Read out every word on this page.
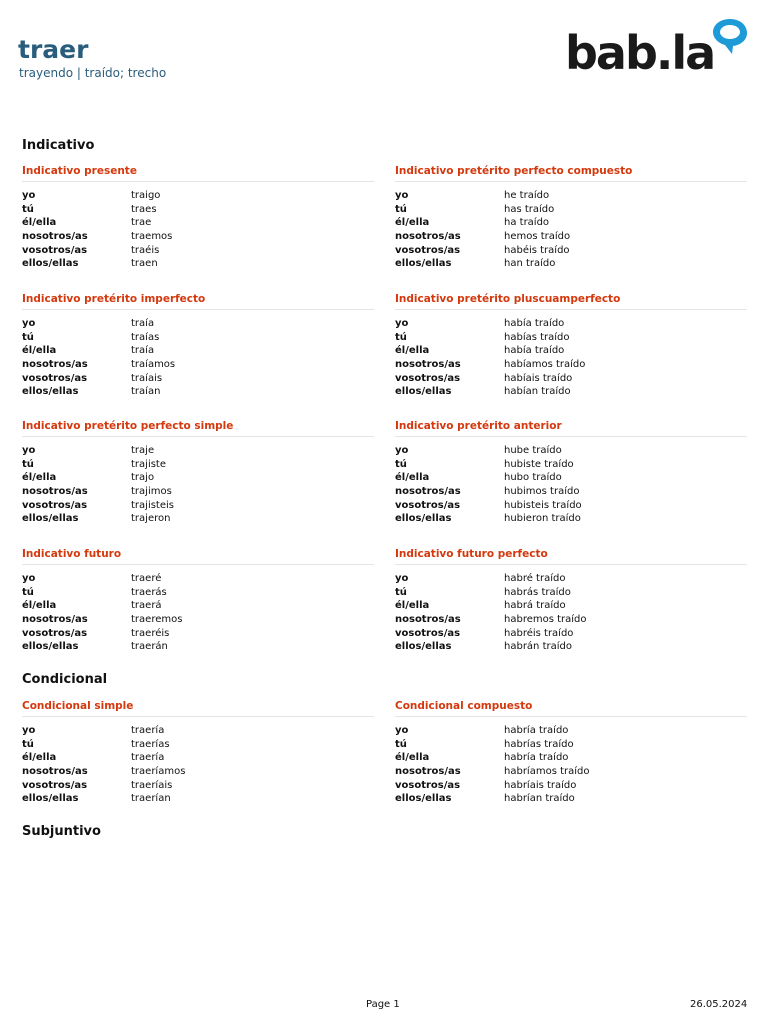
traer
trayendo | traído; trecho	bab.la
Indicativo
Condicional
Subjuntivo
Indicativo presente
yo	traigo
tú	traes
él/ella	trae
nosotros/as	traemos
vosotros/as	traéis
ellos/ellas	traen
Indicativo pretérito perfecto compuesto
yo	he traído
tú	has traído
él/ella	ha traído
nosotros/as	hemos traído
vosotros/as	habéis traído
ellos/ellas	han traído
Indicativo pretérito imperfecto
yo	traía
tú	traías
él/ella	traía
nosotros/as	traíamos
vosotros/as	traíais
ellos/ellas	traían
Indicativo pretérito pluscuamperfecto
yo	había traído
tú	habías traído
él/ella	había traído
nosotros/as	habíamos traído
vosotros/as	habíais traído
ellos/ellas	habían traído
Indicativo pretérito perfecto simple
yo	traje
tú	trajiste
él/ella	trajo
nosotros/as	trajimos
vosotros/as	trajisteis
ellos/ellas	trajeron
Indicativo pretérito anterior
yo	hube traído
tú	hubiste traído
él/ella	hubo traído
nosotros/as	hubimos traído
vosotros/as	hubisteis traído
ellos/ellas	hubieron traído
Indicativo futuro
yo	traeré
tú	traerás
él/ella	traerá
nosotros/as	traeremos
vosotros/as	traeréis
ellos/ellas	traerán
Indicativo futuro perfecto
yo	habré traído
tú	habrás traído
él/ella	habrá traído
nosotros/as	habremos traído
vosotros/as	habréis traído
ellos/ellas	habrán traído
Condicional simple
yo	traería
tú	traerías
él/ella	traería
nosotros/as	traeríamos
vosotros/as	traeríais
ellos/ellas	traerían
Condicional compuesto
yo	habría traído
tú	habrías traído
él/ella	habría traído
nosotros/as	habríamos traído
vosotros/as	habríais traído
ellos/ellas	habrían traído
Page 1	26.05.2024
